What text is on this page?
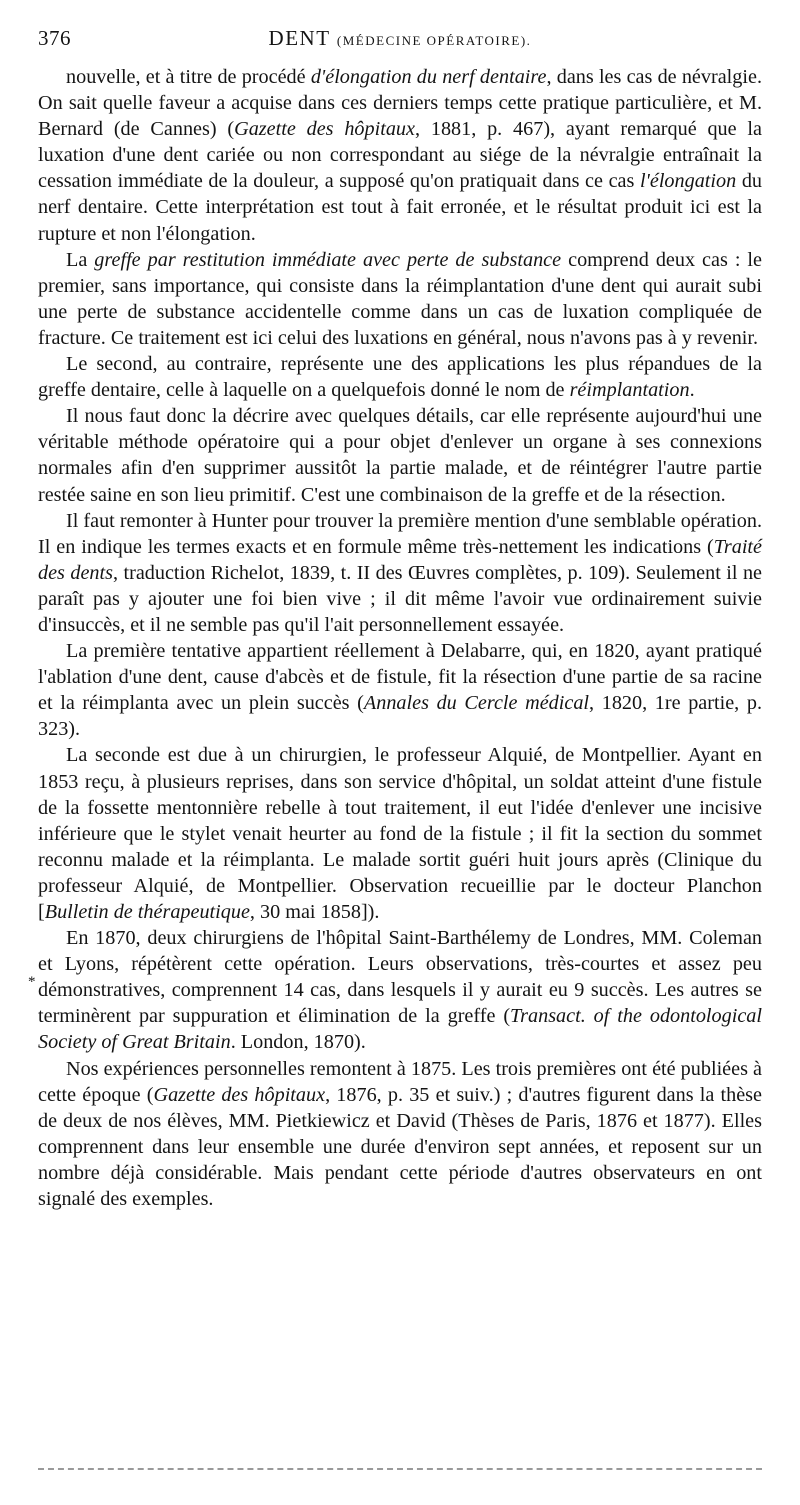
376	DENT (MÉDECINE OPÉRATOIRE).

nouvelle, et à titre de procédé d'élongation du nerf dentaire, dans les cas de névralgie. On sait quelle faveur a acquise dans ces derniers temps cette pratique particulière, et M. Bernard (de Cannes) (Gazette des hôpitaux, 1881, p. 467), ayant remarqué que la luxation d'une dent cariée ou non correspondant au siége de la névralgie entraînait la cessation immédiate de la douleur, a supposé qu'on pratiquait dans ce cas l'élongation du nerf dentaire. Cette interprétation est tout à fait erronée, et le résultat produit ici est la rupture et non l'élongation.

La greffe par restitution immédiate avec perte de substance comprend deux cas : le premier, sans importance, qui consiste dans la réimplantation d'une dent qui aurait subi une perte de substance accidentelle comme dans un cas de luxation compliquée de fracture. Ce traitement est ici celui des luxations en général, nous n'avons pas à y revenir.

Le second, au contraire, représente une des applications les plus répandues de la greffe dentaire, celle à laquelle on a quelquefois donné le nom de réimplantation.

Il nous faut donc la décrire avec quelques détails, car elle représente aujourd'hui une véritable méthode opératoire qui a pour objet d'enlever un organe à ses connexions normales afin d'en supprimer aussitôt la partie malade, et de réintégrer l'autre partie restée saine en son lieu primitif. C'est une combinaison de la greffe et de la résection.

Il faut remonter à Hunter pour trouver la première mention d'une semblable opération. Il en indique les termes exacts et en formule même très-nettement les indications (Traité des dents, traduction Richelot, 1839, t. II des Œuvres complètes, p. 109). Seulement il ne paraît pas y ajouter une foi bien vive ; il dit même l'avoir vue ordinairement suivie d'insuccès, et il ne semble pas qu'il l'ait personnellement essayée.

La première tentative appartient réellement à Delabarre, qui, en 1820, ayant pratiqué l'ablation d'une dent, cause d'abcès et de fistule, fit la résection d'une partie de sa racine et la réimplanta avec un plein succès (Annales du Cercle médical, 1820, 1re partie, p. 323).

La seconde est due à un chirurgien, le professeur Alquié, de Montpellier. Ayant en 1853 reçu, à plusieurs reprises, dans son service d'hôpital, un soldat atteint d'une fistule de la fossette mentonnière rebelle à tout traitement, il eut l'idée d'enlever une incisive inférieure que le stylet venait heurter au fond de la fistule ; il fit la section du sommet reconnu malade et la réimplanta. Le malade sortit guéri huit jours après (Clinique du professeur Alquié, de Montpellier. Observation recueillie par le docteur Planchon [Bulletin de thérapeutique, 30 mai 1858]).

En 1870, deux chirurgiens de l'hôpital Saint-Barthélemy de Londres, MM. Coleman et Lyons, répétèrent cette opération. Leurs observations, très-courtes et assez peu démonstratives, comprennent 14 cas, dans lesquels il y aurait eu 9 succès. Les autres se terminèrent par suppuration et élimination de la greffe (Transact. of the odontological Society of Great Britain. London, 1870).

Nos expériences personnelles remontent à 1875. Les trois premières ont été publiées à cette époque (Gazette des hôpitaux, 1876, p. 35 et suiv.) ; d'autres figurent dans la thèse de deux de nos élèves, MM. Pietkiewicz et David (Thèses de Paris, 1876 et 1877). Elles comprennent dans leur ensemble une durée d'environ sept années, et reposent sur un nombre déjà considérable. Mais pendant cette période d'autres observateurs en ont signalé des exemples.

*
